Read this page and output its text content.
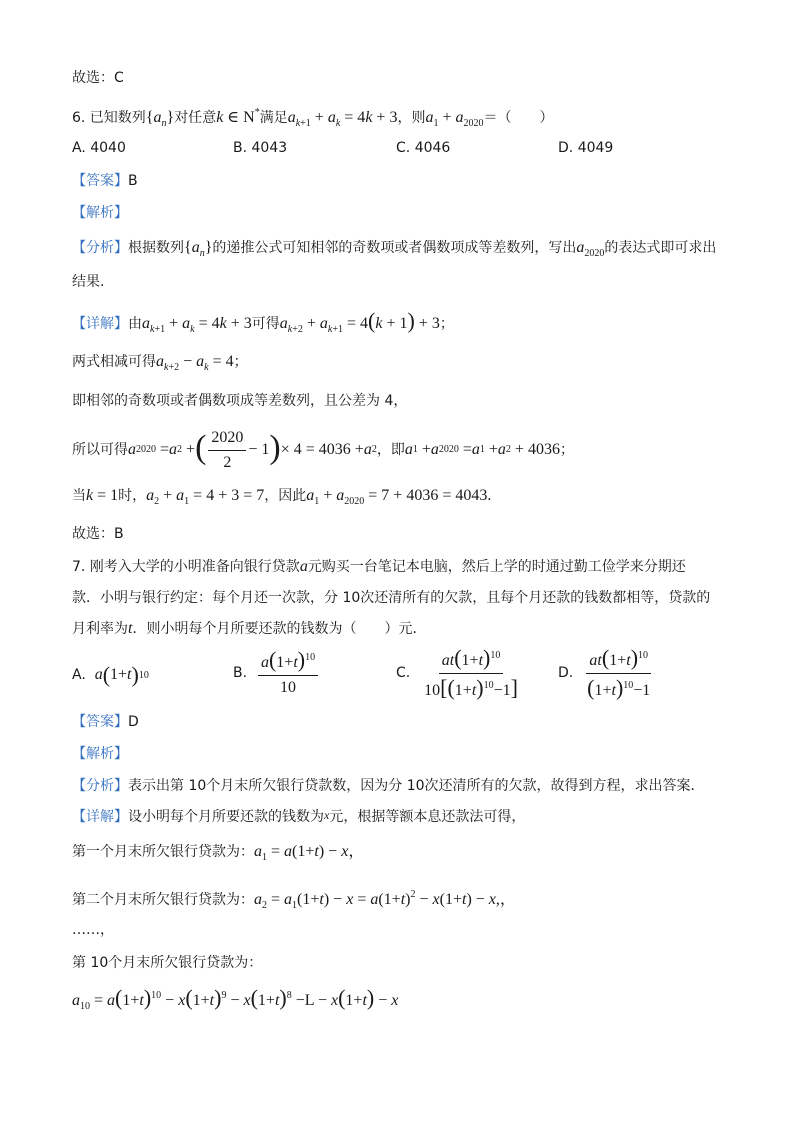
故选：C
6. 已知数列$\{a_n\}$对任意k ∈ N*满足$a_{k+1} + a_k = 4k + 3$，则$a_1 + a_{2020}=$（　　）
A. 4040	B. 4043	C. 4046	D. 4049
【答案】B
【解析】
【分析】根据数列$\{a_n\}$的递推公式可知相邻的奇数项或者偶数项成等差数列，写出$a_{2020}$的表达式即可求出
结果.
【详解】由$a_{k+1} + a_k = 4k + 3$可得$a_{k+2} + a_{k+1} = 4(k + 1) + 3$；
两式相减可得$a_{k+2} - a_k = 4$；
即相邻的奇数项或者偶数项成等差数列，且公差为 4，
所以可得 a 2020 = a 2 + ( $\frac{2020}{2} - 1$ ) × 4 = 4036 + a 2 ，即 a 1 + a 2020 = a 1 + a 2 + 4036 ；
当k = 1时，$a_2 + a_1 = 4 + 3 = 7$，因此$a_1 + a_{2020} = 7 + 4036 = 4043$.
故选：B
7. 刚考入大学的小明准备向银行贷款a元购买一台笔记本电脑，然后上学的时通过勤工俭学来分期还
款．小明与银行约定：每个月还一次款，分 10次还清所有的欠款，且每个月还款的钱数都相等，贷款的
月利率为t．则小明每个月所要还款的钱数为（　　）元．
A.
a ( 1+ t ) 10	B.
$\frac{a(1+t)^{10}}{10}$	C.
$\frac{at(1+t)^{10}}{10[(1+t)^{10}-1]}$	D.
$\frac{at(1+t)^{10}}{(1+t)^{10}-1}$
【答案】D
【解析】
【分析】表示出第 10个月末所欠银行贷款数，因为分 10次还清所有的欠款，故得到方程，求出答案．
【详解】设小明每个月所要还款的钱数为x元，根据等额本息还款法可得，
第一个月末所欠银行贷款为：$a_1 = a(1+t) - x$，
第二个月末所欠银行贷款为：$a_2 = a_1(1+t) - x = a(1+t)^2 - x(1+t) - x$,，
……，
第 10个月末所欠银行贷款为：
$a_{10} = a(1+t)^{10} - x(1+t)^9 - x(1+t)^8 -L - x(1+t) - x$
